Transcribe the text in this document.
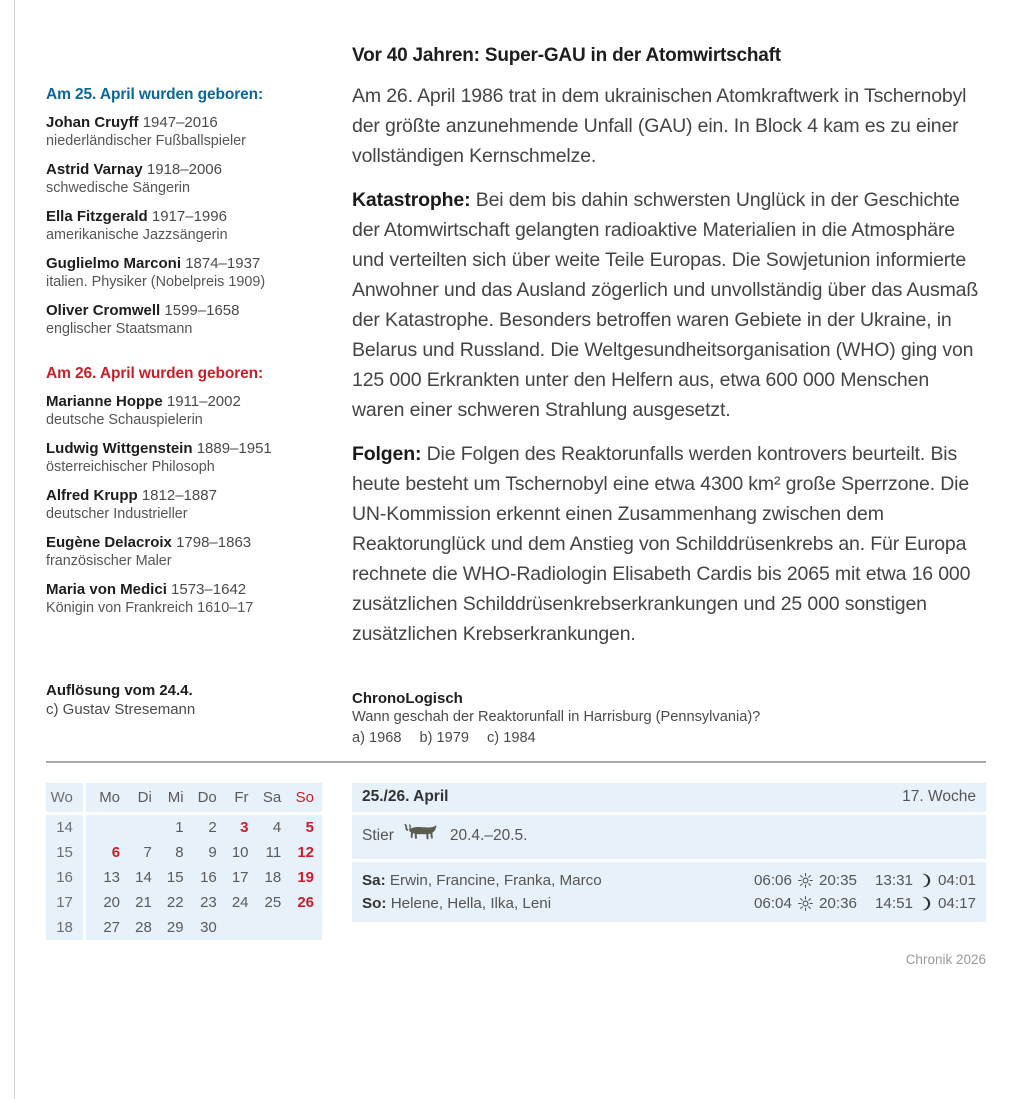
Am 25. April wurden geboren:
Johan Cruyff 1947–2016
niederländischer Fußballspieler
Astrid Varnay 1918–2006
schwedische Sängerin
Ella Fitzgerald 1917–1996
amerikanische Jazzsängerin
Guglielmo Marconi 1874–1937
italien. Physiker (Nobelpreis 1909)
Oliver Cromwell 1599–1658
englischer Staatsmann
Am 26. April wurden geboren:
Marianne Hoppe 1911–2002
deutsche Schauspielerin
Ludwig Wittgenstein 1889–1951
österreichischer Philosoph
Alfred Krupp 1812–1887
deutscher Industrieller
Eugène Delacroix 1798–1863
französischer Maler
Maria von Medici 1573–1642
Königin von Frankreich 1610–17
Auflösung vom 24.4.
c) Gustav Stresemann
Vor 40 Jahren: Super-GAU in der Atomwirtschaft
Am 26. April 1986 trat in dem ukrainischen Atomkraftwerk in Tschernobyl der größte anzunehmende Unfall (GAU) ein. In Block 4 kam es zu einer vollständigen Kernschmelze.
Katastrophe: Bei dem bis dahin schwersten Unglück in der Geschichte der Atomwirtschaft gelangten radioaktive Materialien in die Atmosphäre und verteilten sich über weite Teile Europas. Die Sowjetunion informierte Anwohner und das Ausland zögerlich und unvollständig über das Ausmaß der Katastrophe. Besonders betroffen waren Gebiete in der Ukraine, in Belarus und Russland. Die Weltgesundheitsorganisation (WHO) ging von 125 000 Erkrankten unter den Helfern aus, etwa 600 000 Menschen waren einer schweren Strahlung ausgesetzt.
Folgen: Die Folgen des Reaktorunfalls werden kontrovers beurteilt. Bis heute besteht um Tschernobyl eine etwa 4300 km² große Sperrzone. Die UN-Kommission erkennt einen Zusammenhang zwischen dem Reaktorunglück und dem Anstieg von Schilddrüsenkrebs an. Für Europa rechnete die WHO-Radiologin Elisabeth Cardis bis 2065 mit etwa 16 000 zusätzlichen Schilddrüsenkrebserkrankungen und 25 000 sonstigen zusätzlichen Krebserkrankungen.
ChronoLogisch
Wann geschah der Reaktorunfall in Harrisburg (Pennsylvania)?
a) 1968 b) 1979 c) 1984
Wo	Mo	Di	Mi	Do	Fr	Sa	So
14			1	2	3	4	5
15	6	7	8	9	10	11	12
16	13	14	15	16	17	18	19
17	20	21	22	23	24	25	26
18	27	28	29	30			
25./26. April	17. Woche
Stier	20.4.–20.5.
Sa: Erwin, Francine, Franka, Marco	06:06 20:35 13:31 04:01
So: Helene, Hella, Ilka, Leni	06:04 20:36 14:51 04:17
Chronik 2026
